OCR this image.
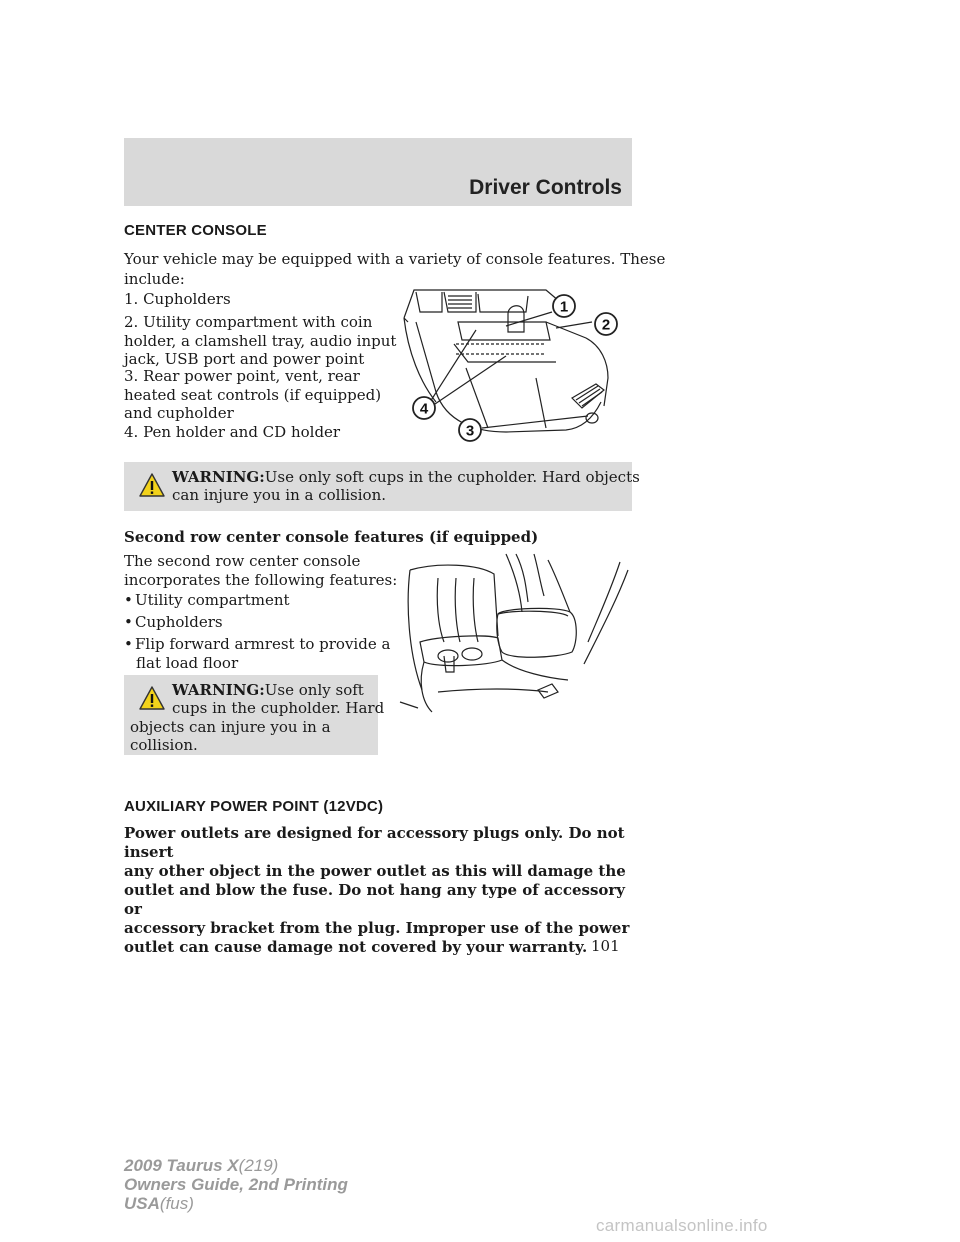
Driver Controls
CENTER CONSOLE
Your vehicle may be equipped with a variety of console features. These
include:
1. Cupholders
2. Utility compartment with coin
holder, a clamshell tray, audio input
jack, USB port and power point
3. Rear power point, vent, rear
heated seat controls (if equipped)
and cupholder
4. Pen holder and CD holder
1
2
3
4
WARNING:Use only soft cups in the cupholder. Hard objects
can injure you in a collision.
Second row center console features (if equipped)
The second row center console
incorporates the following features:
• Utility compartment
• Cupholders
• Flip forward armrest to provide a
flat load floor
WARNING:Use only soft
cups in the cupholder. Hard
objects can injure you in a
collision.
AUXILIARY POWER POINT (12VDC)
Power outlets are designed for accessory plugs only. Do not insert
any other object in the power outlet as this will damage the
outlet and blow the fuse. Do not hang any type of accessory or
accessory bracket from the plug. Improper use of the power
outlet can cause damage not covered by your warranty. 101
2009 Taurus X(219)
Owners Guide, 2nd Printing
USA(fus)
carmanualsonline.info
